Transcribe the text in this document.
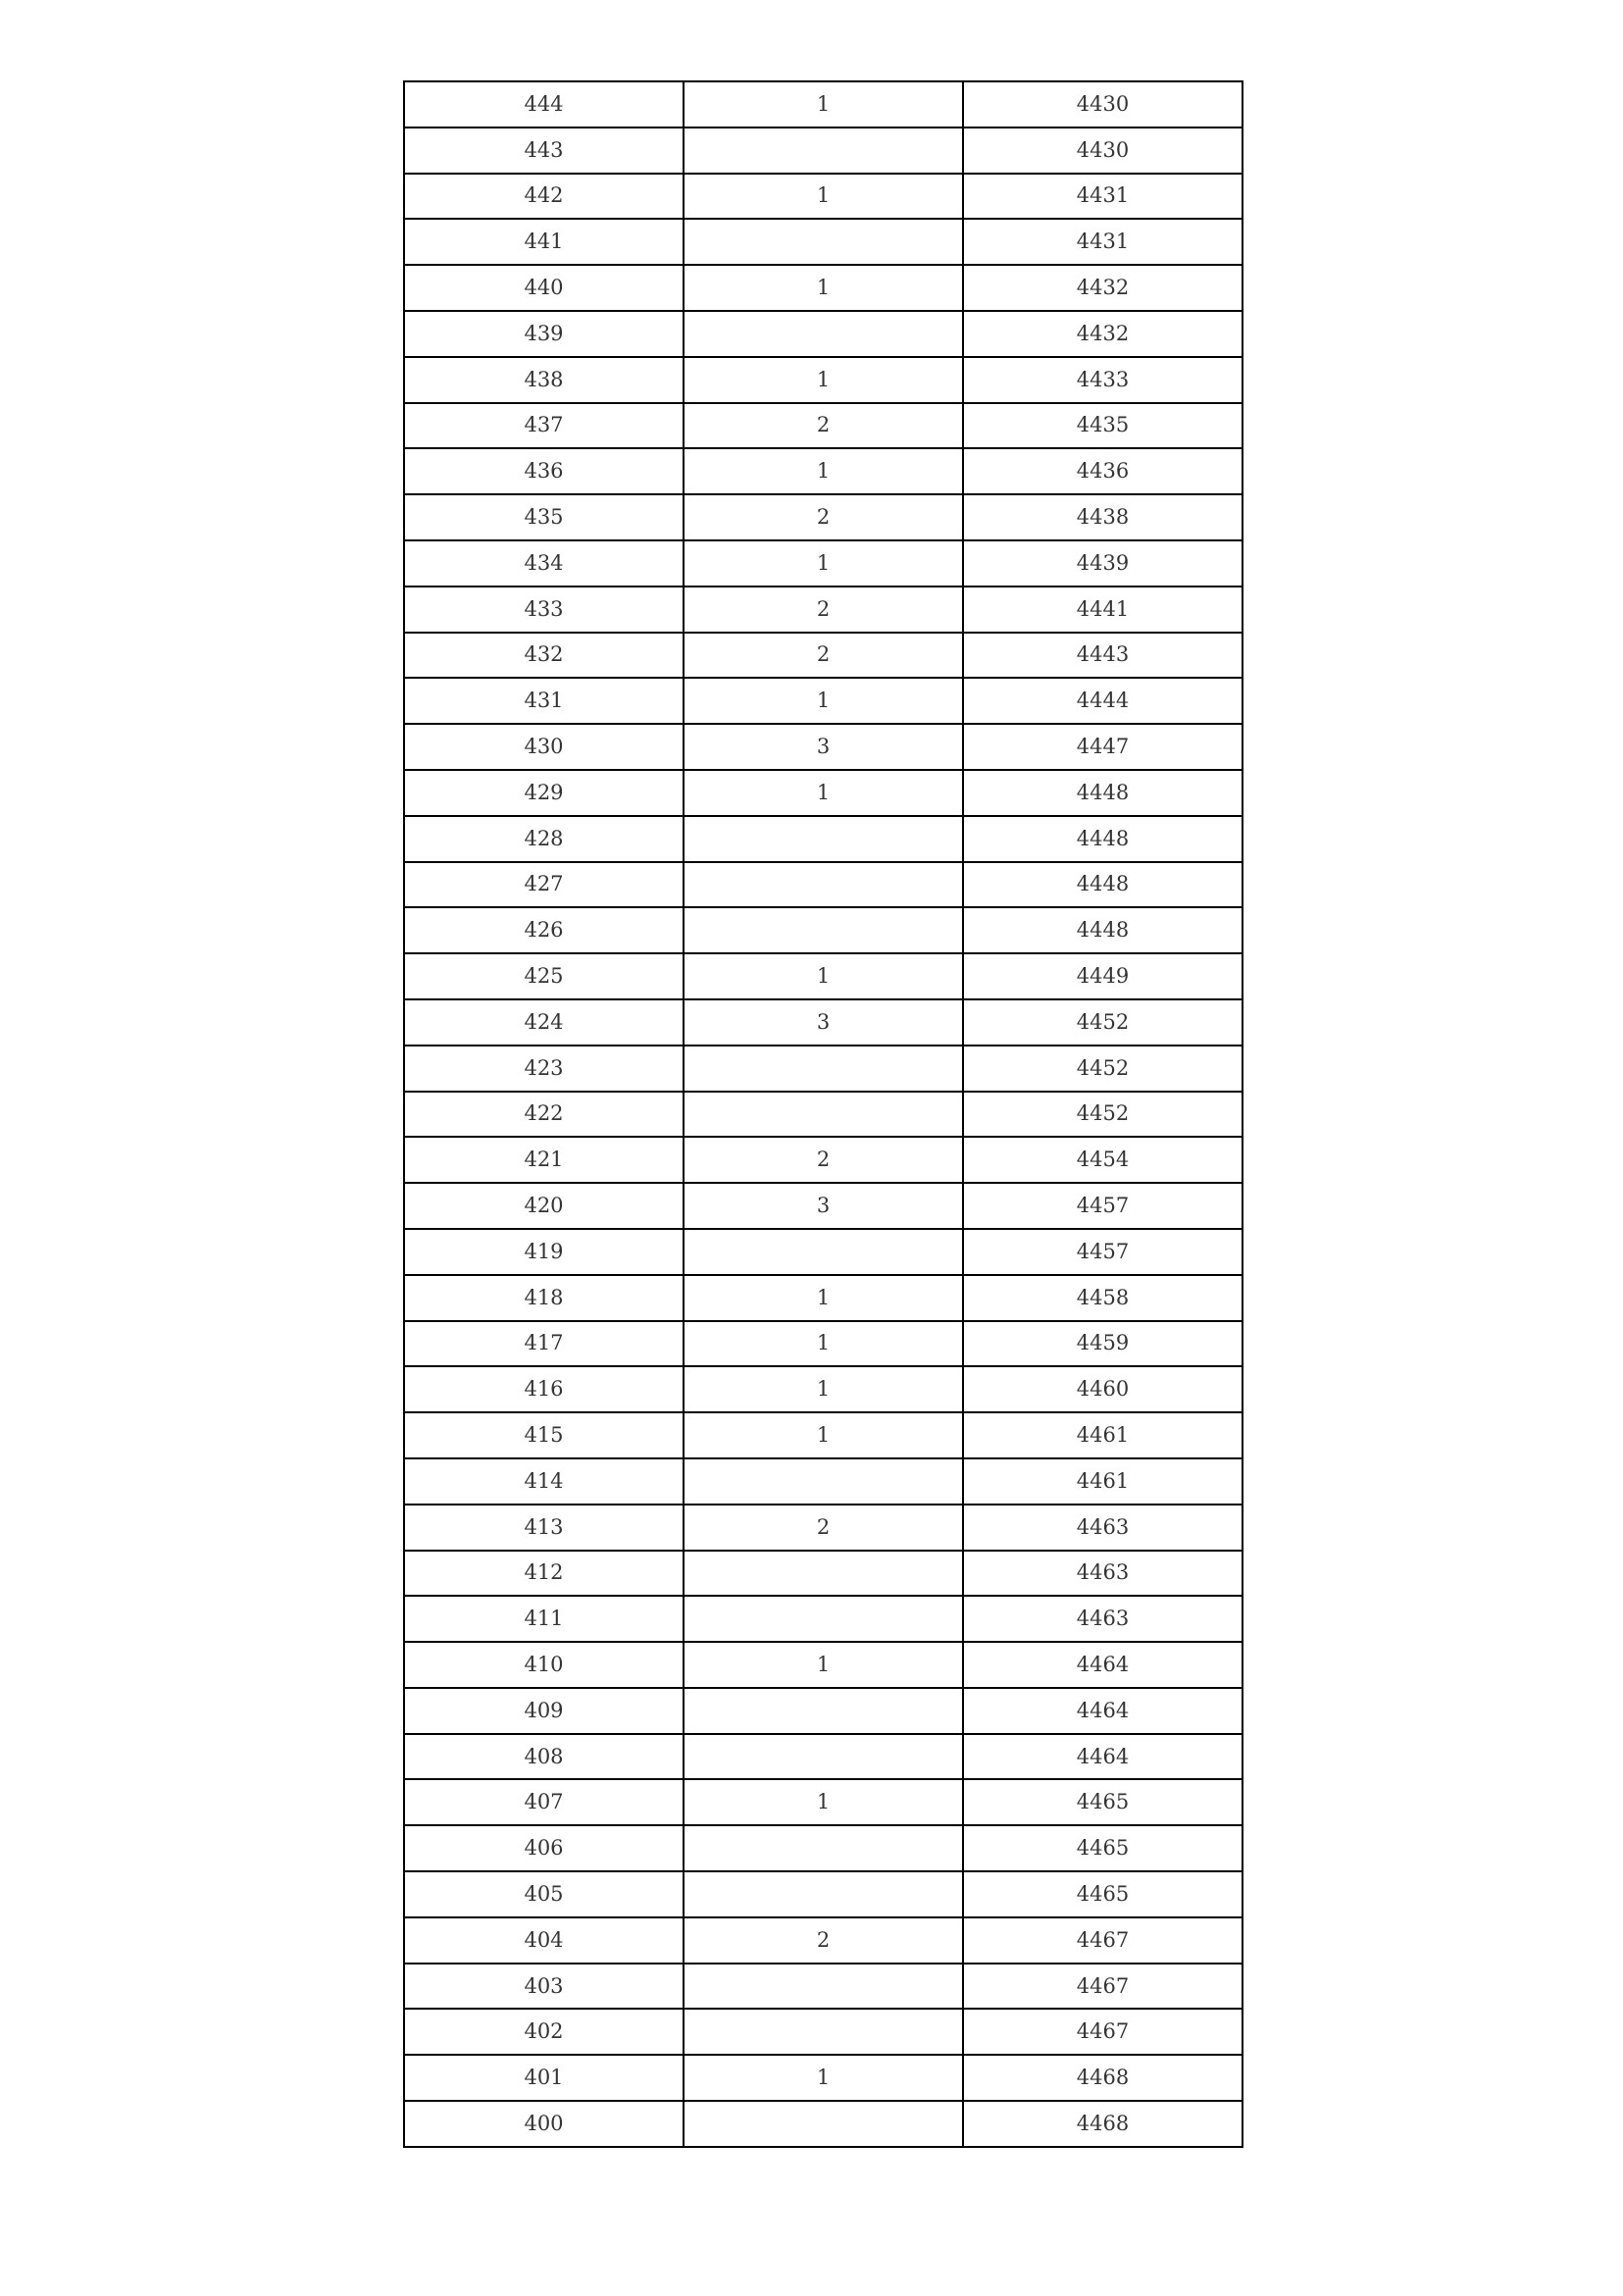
444	1	4430
443		4430
442	1	4431
441		4431
440	1	4432
439		4432
438	1	4433
437	2	4435
436	1	4436
435	2	4438
434	1	4439
433	2	4441
432	2	4443
431	1	4444
430	3	4447
429	1	4448
428		4448
427		4448
426		4448
425	1	4449
424	3	4452
423		4452
422		4452
421	2	4454
420	3	4457
419		4457
418	1	4458
417	1	4459
416	1	4460
415	1	4461
414		4461
413	2	4463
412		4463
411		4463
410	1	4464
409		4464
408		4464
407	1	4465
406		4465
405		4465
404	2	4467
403		4467
402		4467
401	1	4468
400		4468
